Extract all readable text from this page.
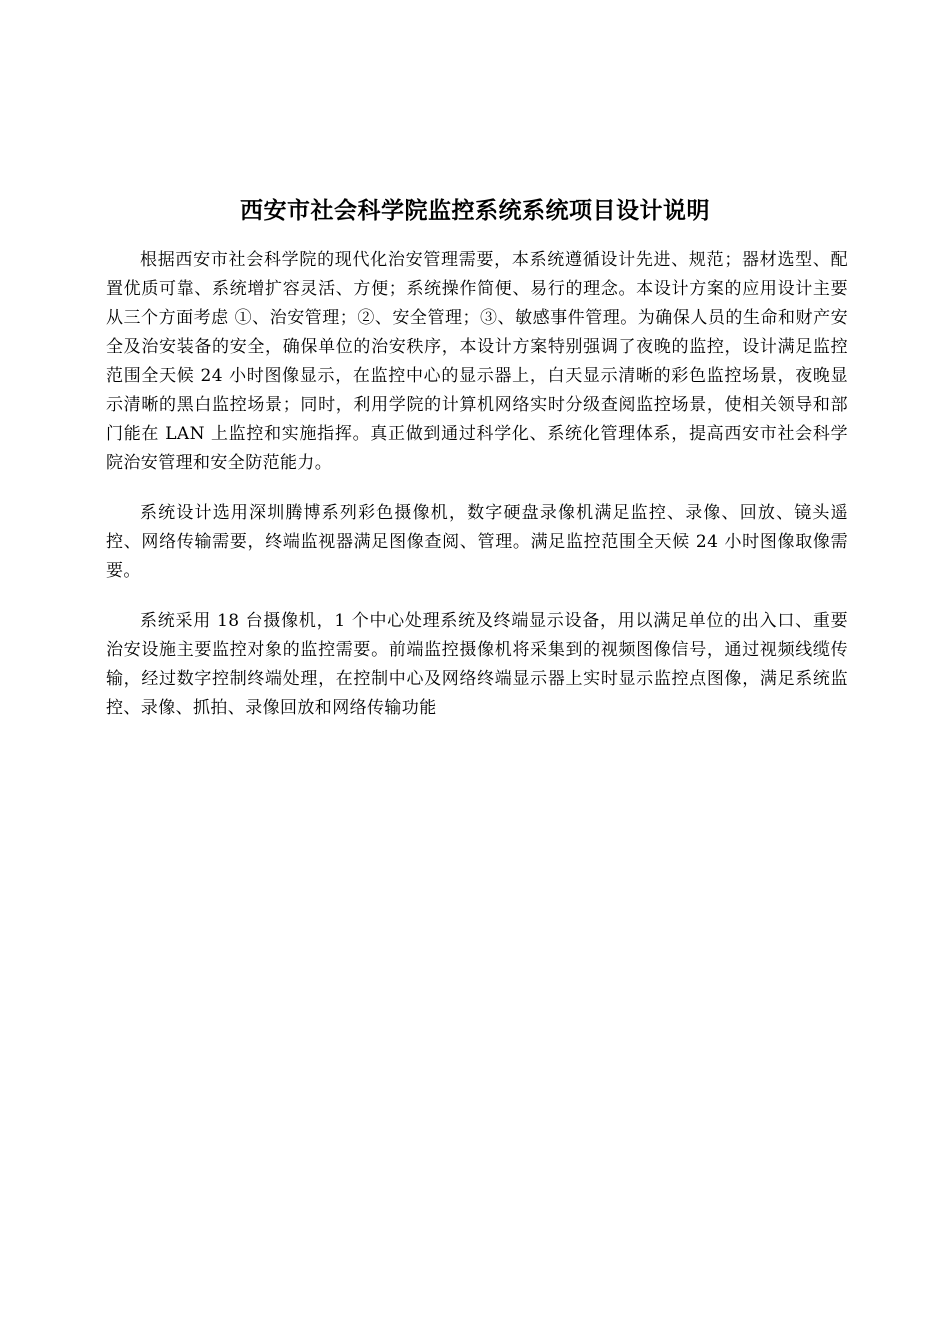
西安市社会科学院监控系统系统项目设计说明

根据西安市社会科学院的现代化治安管理需要，本系统遵循设计先进、规范；器材选型、配置优质可靠、系统增扩容灵活、方便；系统操作简便、易行的理念。本设计方案的应用设计主要从三个方面考虑 ①、治安管理；②、安全管理；③、敏感事件管理。为确保人员的生命和财产安全及治安装备的安全，确保单位的治安秩序，本设计方案特别强调了夜晚的监控，设计满足监控范围全天候 24 小时图像显示，在监控中心的显示器上，白天显示清晰的彩色监控场景，夜晚显示清晰的黑白监控场景；同时，利用学院的计算机网络实时分级查阅监控场景，使相关领导和部门能在 LAN 上监控和实施指挥。真正做到通过科学化、系统化管理体系，提高西安市社会科学院治安管理和安全防范能力。

系统设计选用深圳腾博系列彩色摄像机，数字硬盘录像机满足监控、录像、回放、镜头遥控、网络传输需要，终端监视器满足图像查阅、管理。满足监控范围全天候 24 小时图像取像需要。

系统采用 18 台摄像机，1 个中心处理系统及终端显示设备，用以满足单位的出入口、重要治安设施主要监控对象的监控需要。前端监控摄像机将采集到的视频图像信号，通过视频线缆传输，经过数字控制终端处理，在控制中心及网络终端显示器上实时显示监控点图像，满足系统监控、录像、抓拍、录像回放和网络传输功能
